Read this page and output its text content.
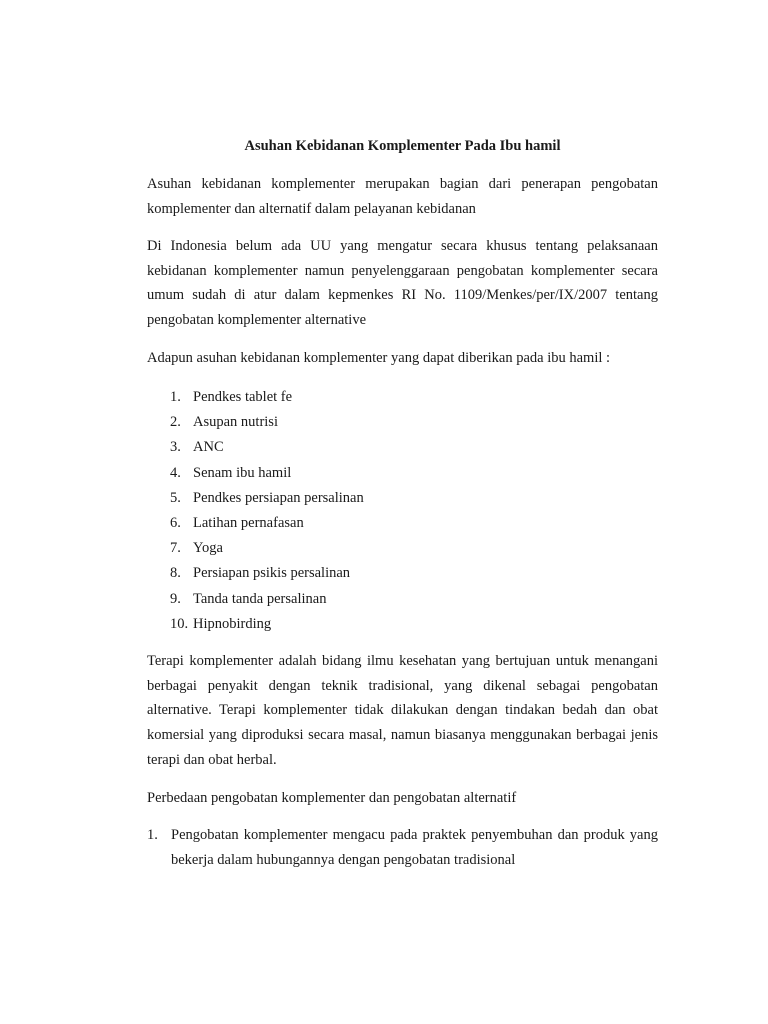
Asuhan Kebidanan Komplementer Pada Ibu hamil

Asuhan kebidanan komplementer merupakan bagian dari penerapan pengobatan komplementer dan alternatif dalam pelayanan kebidanan

Di Indonesia belum ada UU yang mengatur secara khusus tentang pelaksanaan kebidanan komplementer namun penyelenggaraan pengobatan komplementer secara umum sudah di atur dalam kepmenkes RI No. 1109/Menkes/per/IX/2007 tentang pengobatan komplementer alternative

Adapun asuhan kebidanan komplementer yang dapat diberikan pada ibu hamil :

1. Pendkes tablet fe
2. Asupan nutrisi
3. ANC
4. Senam ibu hamil
5. Pendkes persiapan persalinan
6. Latihan pernafasan
7. Yoga
8. Persiapan psikis persalinan
9. Tanda tanda persalinan
10. Hipnobirding

Terapi komplementer adalah bidang ilmu kesehatan yang bertujuan untuk menangani berbagai penyakit dengan teknik tradisional, yang dikenal sebagai pengobatan alternative. Terapi komplementer tidak dilakukan dengan tindakan bedah dan obat komersial yang diproduksi secara masal, namun biasanya menggunakan berbagai jenis terapi dan obat herbal.

Perbedaan pengobatan komplementer dan pengobatan alternatif

1. Pengobatan komplementer mengacu pada praktek penyembuhan dan produk yang bekerja dalam hubungannya dengan pengobatan tradisional
